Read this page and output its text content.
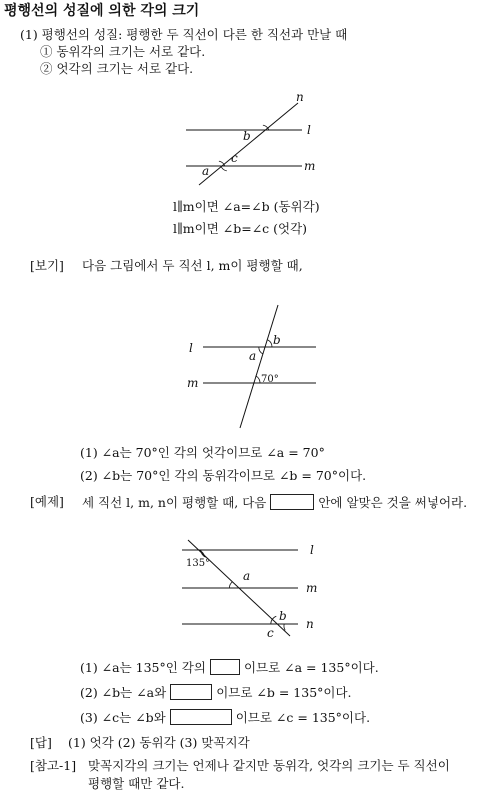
평행선의 성질에 의한 각의 크기
(1) 평행선의 성질: 평행한 두 직선이 다른 한 직선과 만날 때
① 동위각의 크기는 서로 같다.
② 엇각의 크기는 서로 같다.
n
l
m
b
c
a
l∥m이면 ∠a=∠b (동위각)
l∥m이면 ∠b=∠c (엇각)
[보기] 다음 그림에서 두 직선 l, m이 평행할 때,
l
m
b
a
70°
(1) ∠a는 70°인 각의 엇각이므로 ∠a = 70°
(2) ∠b는 70°인 각의 동위각이므로 ∠b = 70°이다.
[예제] 세 직선 l, m, n이 평행할 때, 다음	안에 알맞은 것을 써넣어라.
l
m
n
135°
a
b
c
(1) ∠a는 135°인 각의	이므로 ∠a = 135°이다.
(2) ∠b는 ∠a와	이므로 ∠b = 135°이다.
(3) ∠c는 ∠b와	이므로 ∠c = 135°이다.
[답] (1) 엇각 (2) 동위각 (3) 맞꼭지각
[참고-1] 맞꼭지각의 크기는 언제나 같지만 동위각, 엇각의 크기는 두 직선이
평행할 때만 같다.
